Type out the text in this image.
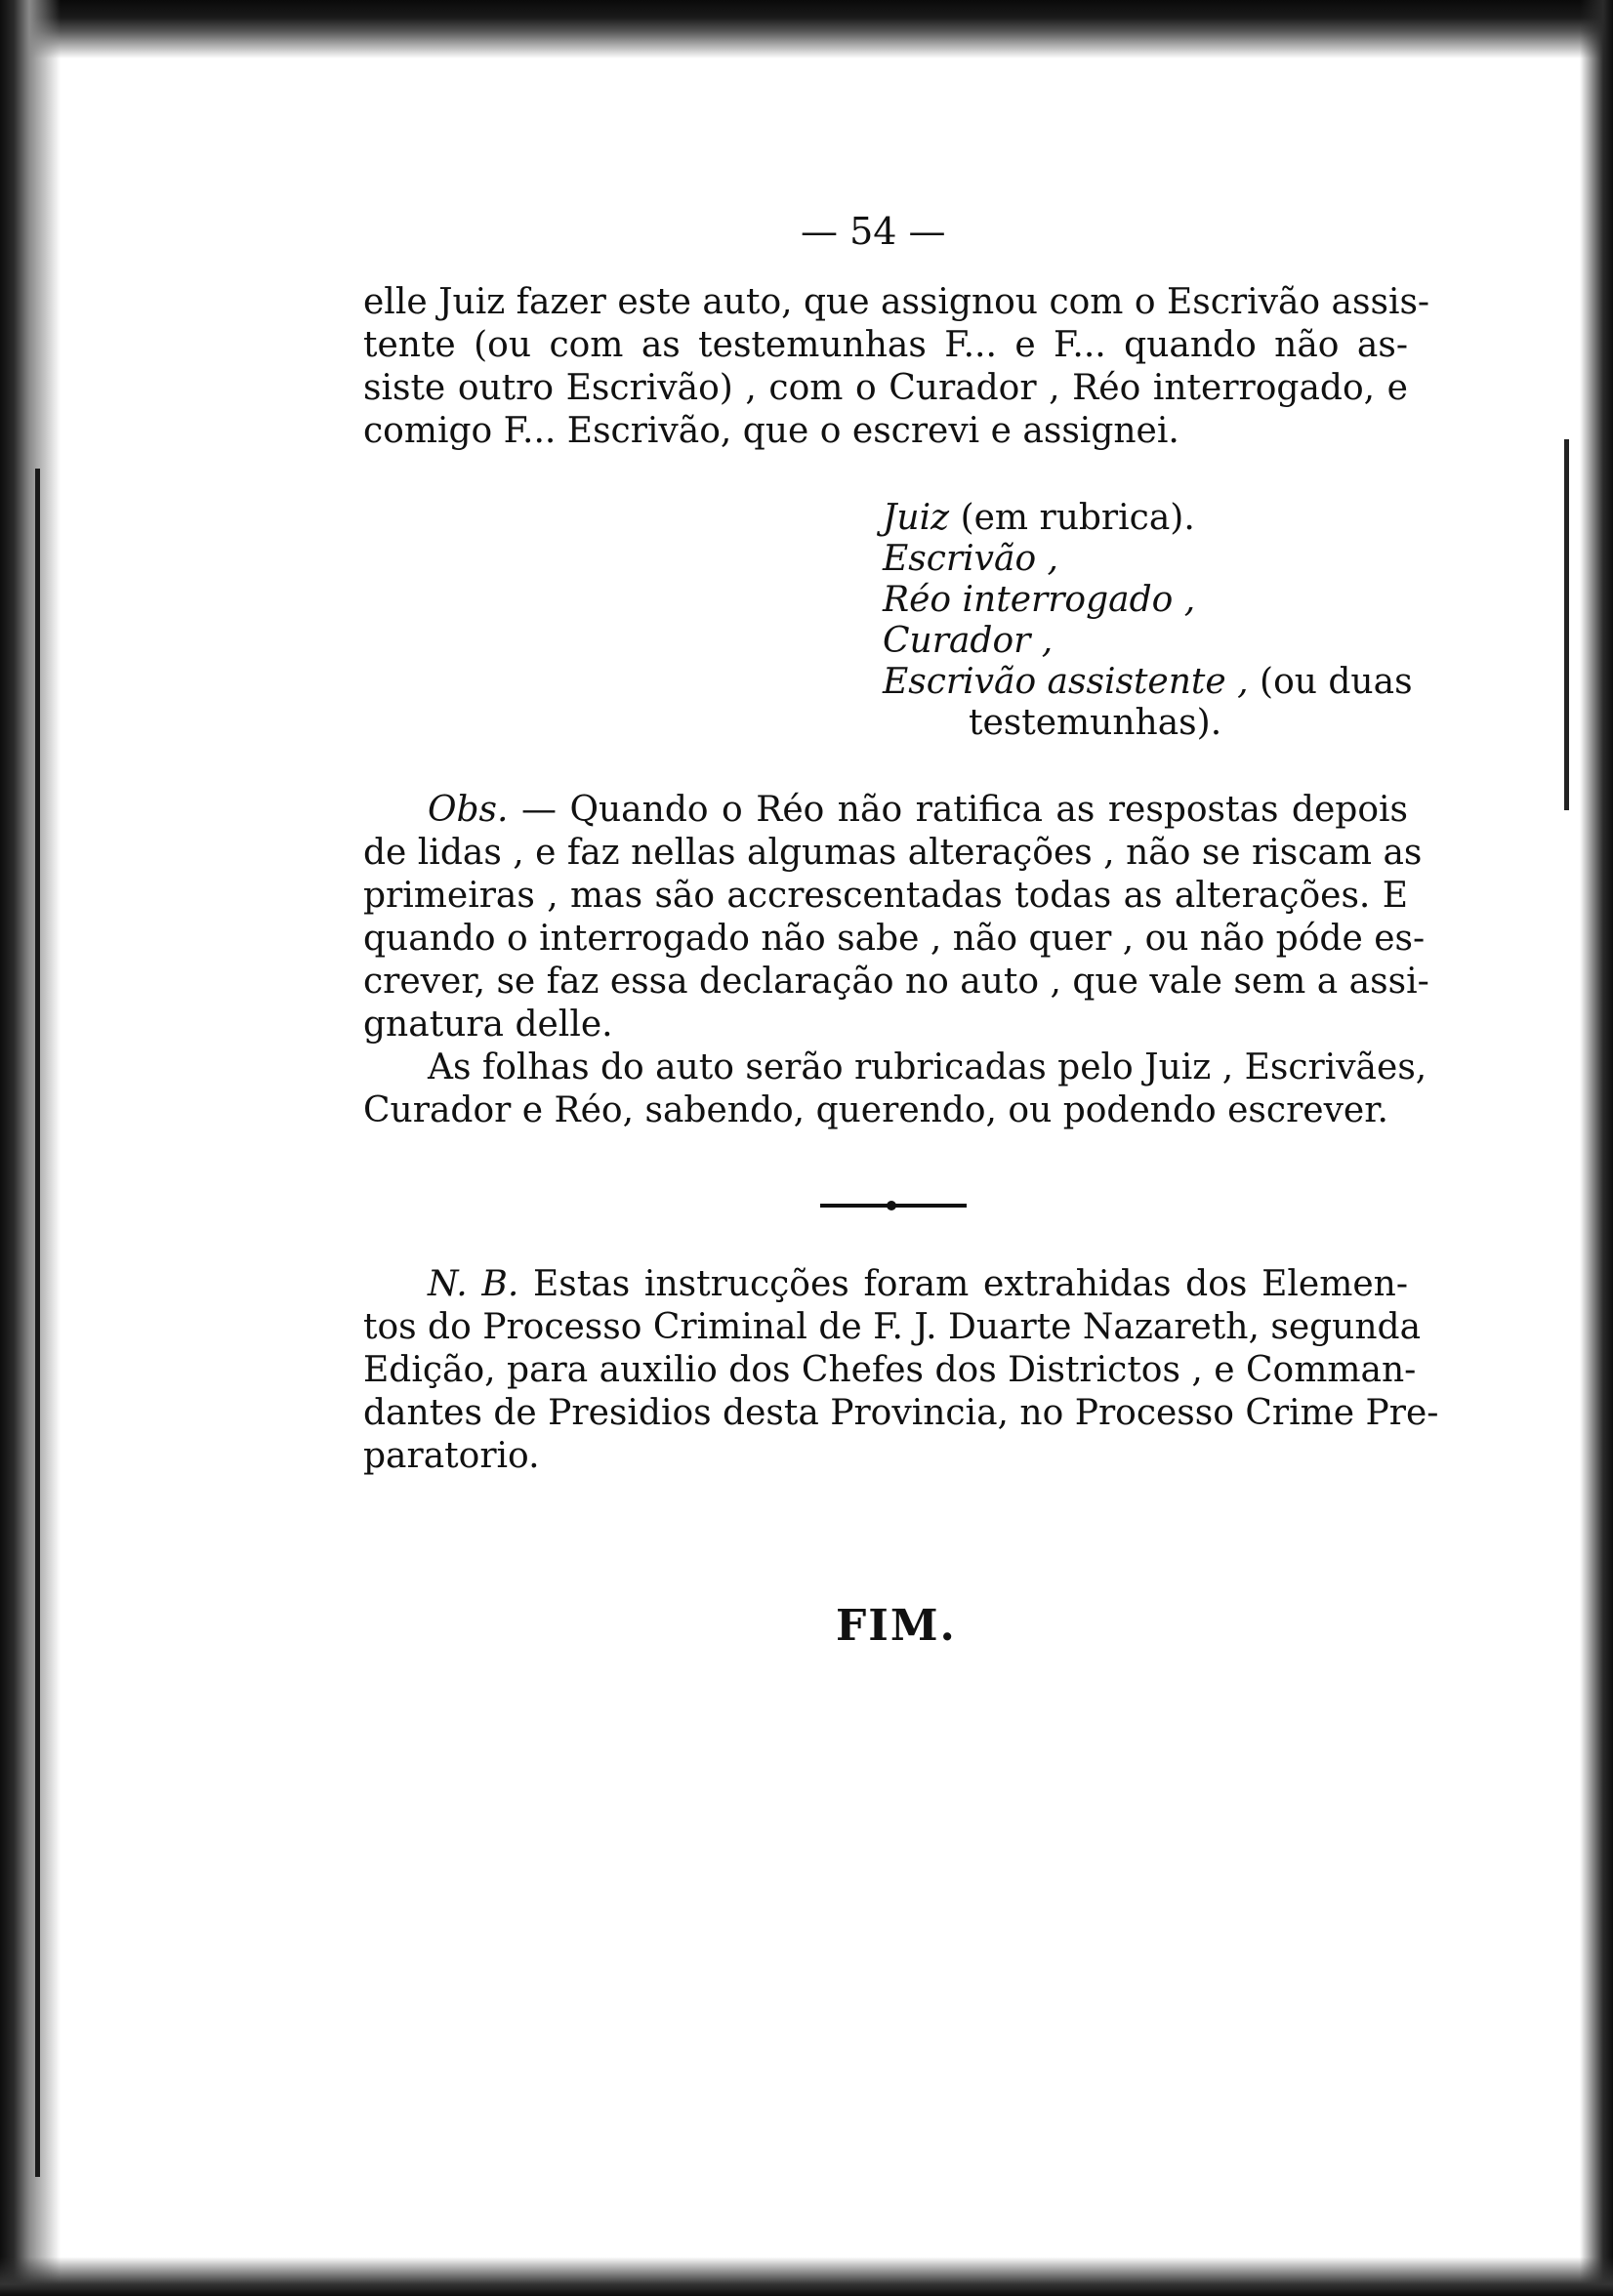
— 54 —
elle Juiz fazer este auto, que assignou com o Escrivão assis-
tente (ou com as testemunhas F... e F... quando não as-
siste outro Escrivão) , com o Curador , Réo interrogado, e
comigo F... Escrivão, que o escrevi e assignei.
Juiz (em rubrica).
Escrivão ,
Réo interrogado ,
Curador ,
Escrivão assistente , (ou duas
testemunhas).
Obs. — Quando o Réo não ratifica as respostas depois
de lidas , e faz nellas algumas alterações , não se riscam as
primeiras , mas são accrescentadas todas as alterações. E
quando o interrogado não sabe , não quer , ou não póde es-
crever, se faz essa declaração no auto , que vale sem a assi-
gnatura delle.
As folhas do auto serão rubricadas pelo Juiz , Escrivães,
Curador e Réo, sabendo, querendo, ou podendo escrever.
N. B. Estas instrucções foram extrahidas dos Elemen-
tos do Processo Criminal de F. J. Duarte Nazareth, segunda
Edição, para auxilio dos Chefes dos Districtos , e Comman-
dantes de Presidios desta Provincia, no Processo Crime Pre-
paratorio.
FIM.
